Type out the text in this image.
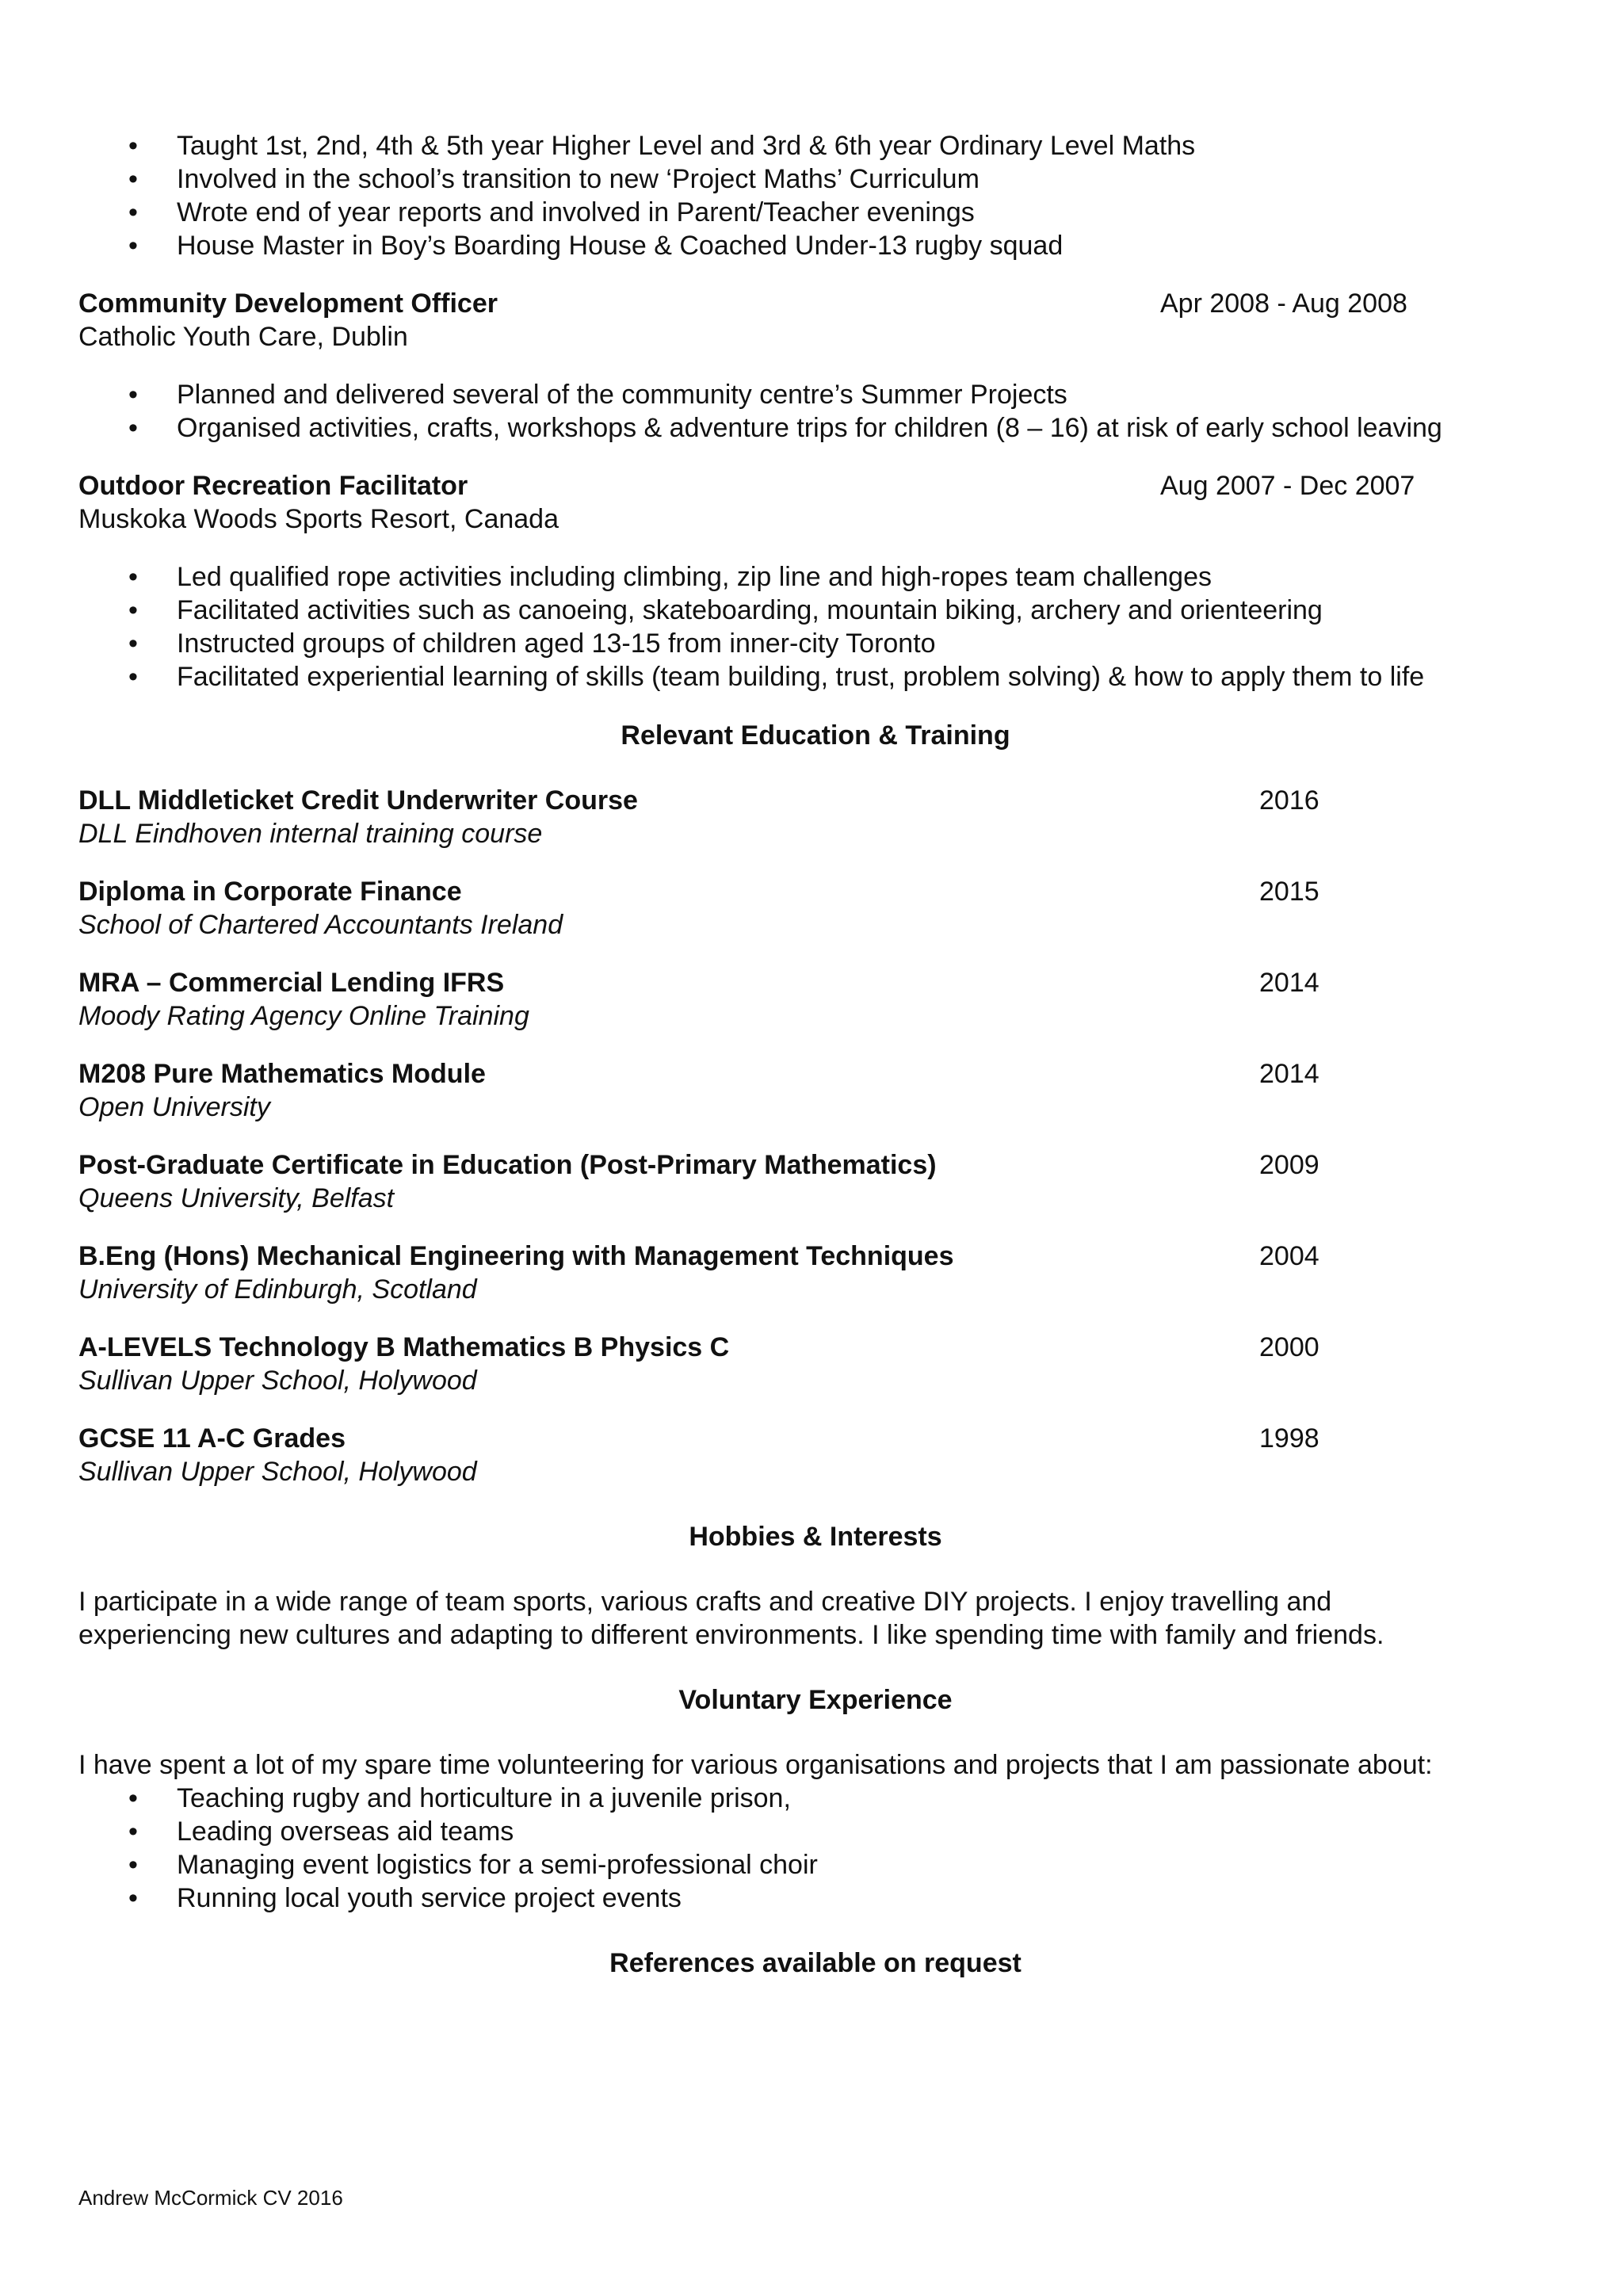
• Taught 1st, 2nd, 4th & 5th year Higher Level and 3rd & 6th year Ordinary Level Maths
• Involved in the school’s transition to new ‘Project Maths’ Curriculum
• Wrote end of year reports and involved in Parent/Teacher evenings
• House Master in Boy’s Boarding House & Coached Under-13 rugby squad
Community Development Officer	Apr 2008 - Aug 2008
Catholic Youth Care, Dublin
• Planned and delivered several of the community centre’s Summer Projects
• Organised activities, crafts, workshops & adventure trips for children (8 – 16) at risk of early school leaving
Outdoor Recreation Facilitator	Aug 2007 - Dec 2007
Muskoka Woods Sports Resort, Canada
• Led qualified rope activities including climbing, zip line and high-ropes team challenges
• Facilitated activities such as canoeing, skateboarding, mountain biking, archery and orienteering
• Instructed groups of children aged 13-15 from inner-city Toronto
• Facilitated experiential learning of skills (team building, trust, problem solving) & how to apply them to life
Relevant Education & Training
DLL Middleticket Credit Underwriter Course	2016
DLL Eindhoven internal training course
Diploma in Corporate Finance	2015
School of Chartered Accountants Ireland
MRA – Commercial Lending IFRS	2014
Moody Rating Agency Online Training
M208 Pure Mathematics Module	2014
Open University
Post-Graduate Certificate in Education (Post-Primary Mathematics)	2009
Queens University, Belfast
B.Eng (Hons) Mechanical Engineering with Management Techniques	2004
University of Edinburgh, Scotland
A-LEVELS Technology B Mathematics B Physics C	2000
Sullivan Upper School, Holywood
GCSE 11 A-C Grades	1998
Sullivan Upper School, Holywood
Hobbies & Interests
I participate in a wide range of team sports, various crafts and creative DIY projects. I enjoy travelling and
experiencing new cultures and adapting to different environments. I like spending time with family and friends.
Voluntary Experience
I have spent a lot of my spare time volunteering for various organisations and projects that I am passionate about:
• Teaching rugby and horticulture in a juvenile prison,
• Leading overseas aid teams
• Managing event logistics for a semi-professional choir
• Running local youth service project events
References available on request
Andrew McCormick CV 2016
